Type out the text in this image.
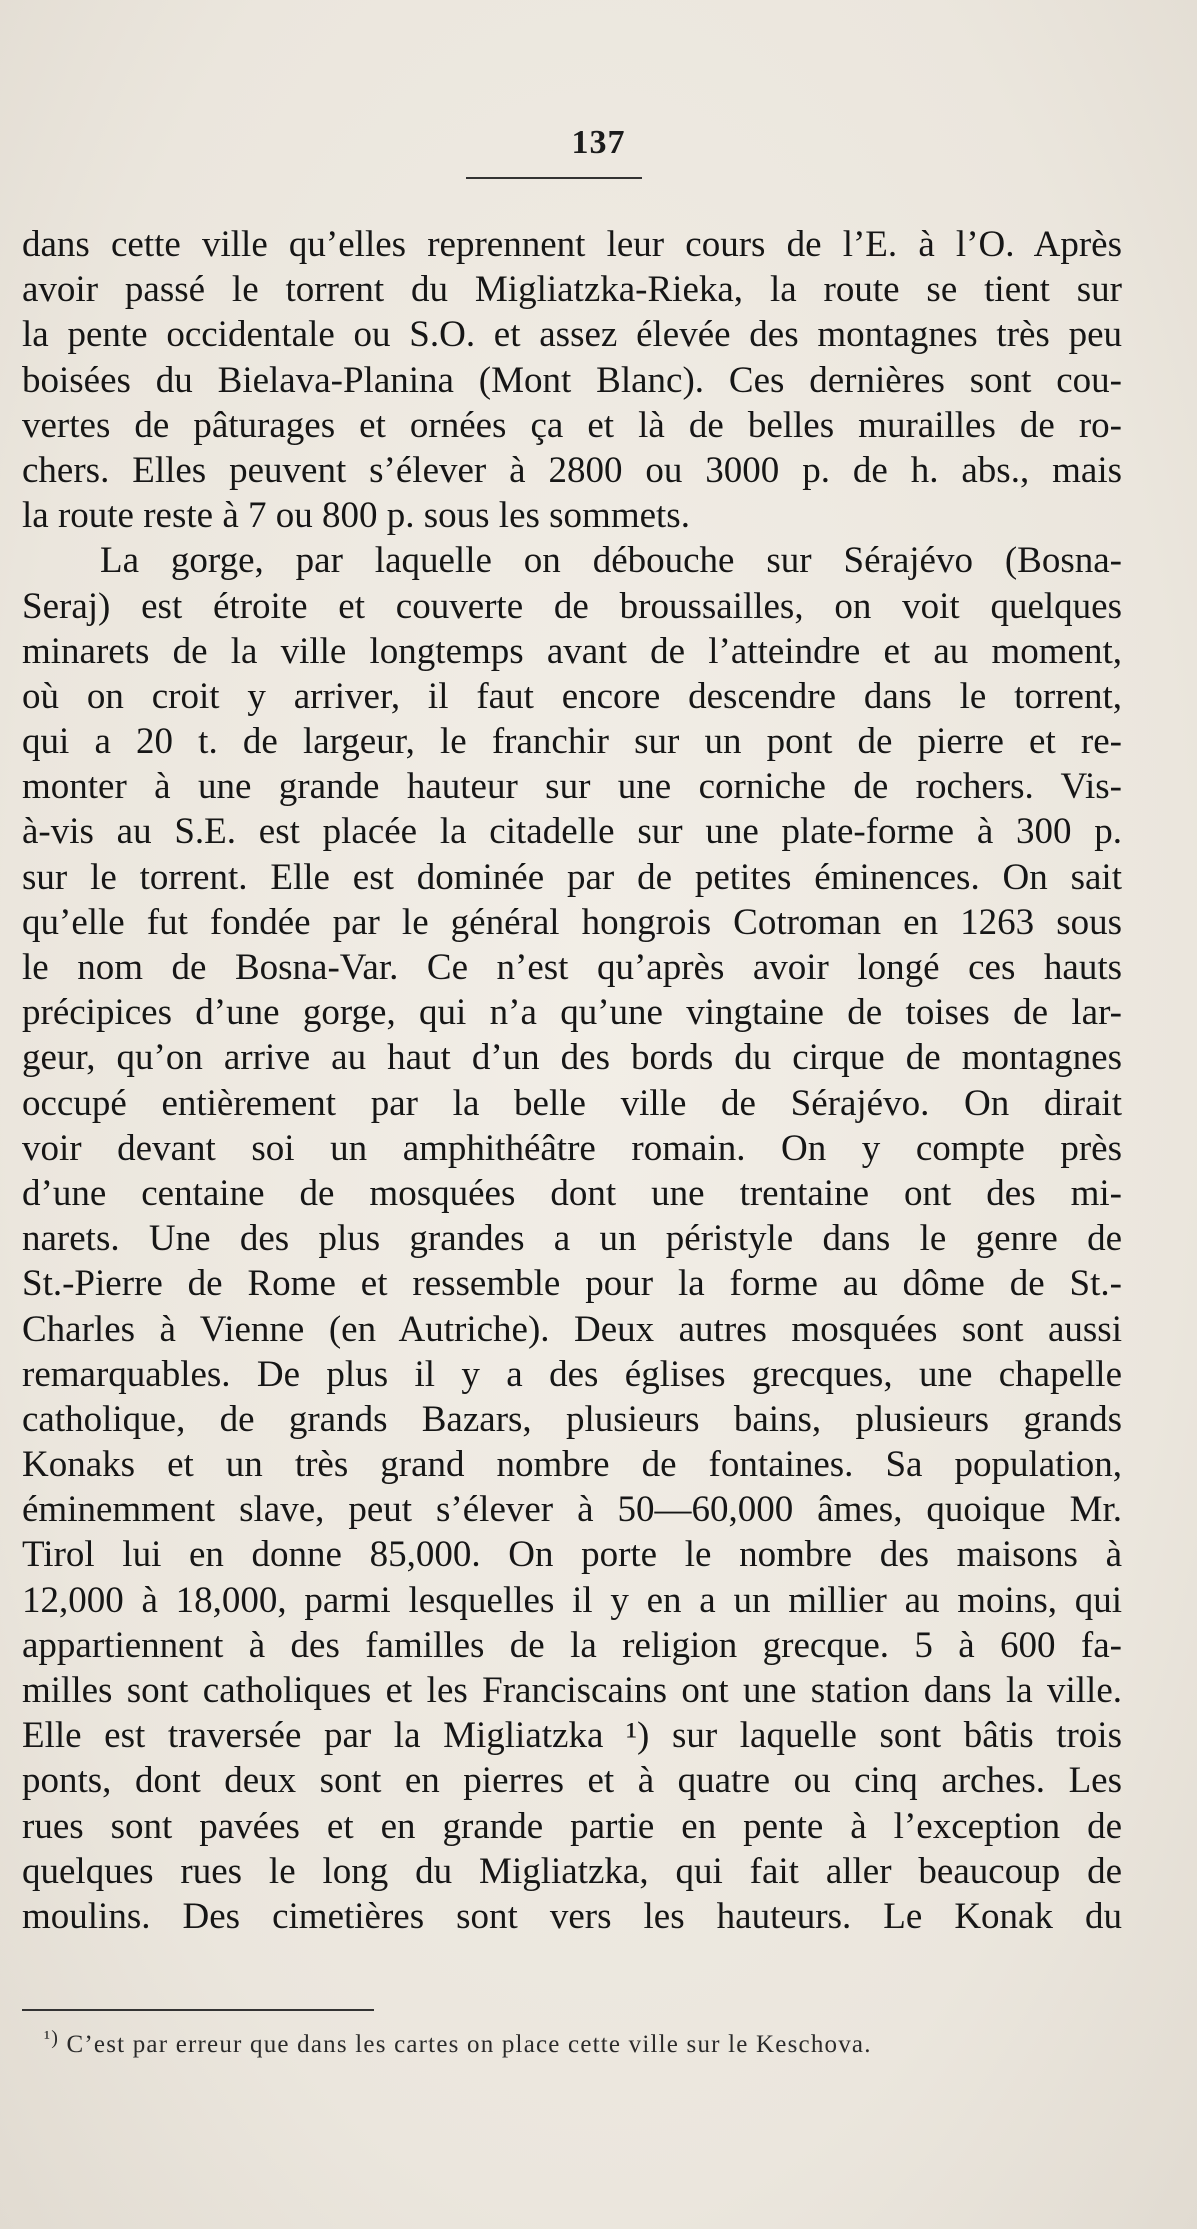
137
dans cette ville qu’elles reprennent leur cours de l’E. à l’O. Après
avoir passé le torrent du Migliatzka-Rieka, la route se tient sur
la pente occidentale ou S.O. et assez élevée des montagnes très peu
boisées du Bielava-Planina (Mont Blanc). Ces dernières sont cou-
vertes de pâturages et ornées ça et là de belles murailles de ro-
chers. Elles peuvent s’élever à 2800 ou 3000 p. de h. abs., mais
la route reste à 7 ou 800 p. sous les sommets.
La gorge, par laquelle on débouche sur Sérajévo (Bosna-
Seraj) est étroite et couverte de broussailles, on voit quelques
minarets de la ville longtemps avant de l’atteindre et au moment,
où on croit y arriver, il faut encore descendre dans le torrent,
qui a 20 t. de largeur, le franchir sur un pont de pierre et re-
monter à une grande hauteur sur une corniche de rochers. Vis-
à-vis au S.E. est placée la citadelle sur une plate-forme à 300 p.
sur le torrent. Elle est dominée par de petites éminences. On sait
qu’elle fut fondée par le général hongrois Cotroman en 1263 sous
le nom de Bosna-Var. Ce n’est qu’après avoir longé ces hauts
précipices d’une gorge, qui n’a qu’une vingtaine de toises de lar-
geur, qu’on arrive au haut d’un des bords du cirque de montagnes
occupé entièrement par la belle ville de Sérajévo. On dirait
voir devant soi un amphithéâtre romain. On y compte près
d’une centaine de mosquées dont une trentaine ont des mi-
narets. Une des plus grandes a un péristyle dans le genre de
St.-Pierre de Rome et ressemble pour la forme au dôme de St.-
Charles à Vienne (en Autriche). Deux autres mosquées sont aussi
remarquables. De plus il y a des églises grecques, une chapelle
catholique, de grands Bazars, plusieurs bains, plusieurs grands
Konaks et un très grand nombre de fontaines. Sa population,
éminemment slave, peut s’élever à 50—60,000 âmes, quoique Mr.
Tirol lui en donne 85,000. On porte le nombre des maisons à
12,000 à 18,000, parmi lesquelles il y en a un millier au moins, qui
appartiennent à des familles de la religion grecque. 5 à 600 fa-
milles sont catholiques et les Franciscains ont une station dans la ville.
Elle est traversée par la Migliatzka ¹) sur laquelle sont bâtis trois
ponts, dont deux sont en pierres et à quatre ou cinq arches. Les
rues sont pavées et en grande partie en pente à l’exception de
quelques rues le long du Migliatzka, qui fait aller beaucoup de
moulins. Des cimetières sont vers les hauteurs. Le Konak du
$^{^1)}$ C’est par erreur que dans les cartes on place cette ville sur le Keschova.
